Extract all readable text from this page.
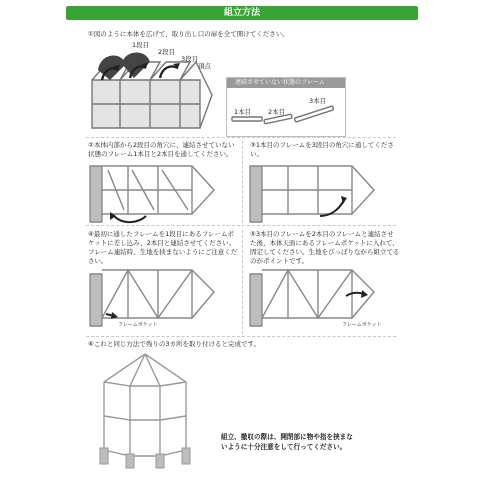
組立方法
①図のように本体を広げて、取り出し口の扉を全て開けてください。
1段目
2段目
3段目
頂点
連結させていない状態のフレーム
1本目	2本目
3本目
②本体内部から2段目の角穴に、連結させていない状態のフレーム1本目と2本目を通してください。
③1本目のフレームを3段目の角穴に通してください。
④最初に通したフレームを1段目にあるフレームポケットに差し込み、2本目と連結させてください。フレーム連結時、生地を挟まないようにご注意ください。
フレームポケット
⑤3本目のフレームを2本目のフレームと連結させた後、本体天面にあるフレームポケットに入れて、固定してください。生地をぴっぱりながら組立てるのがポイントです。
フレームポケット
⑥これと同じ方法で残りの3カ所を取り付けると完成です。
組立、撤収の際は、開閉部に物や指を挟まないように十分注意をして行ってください。
